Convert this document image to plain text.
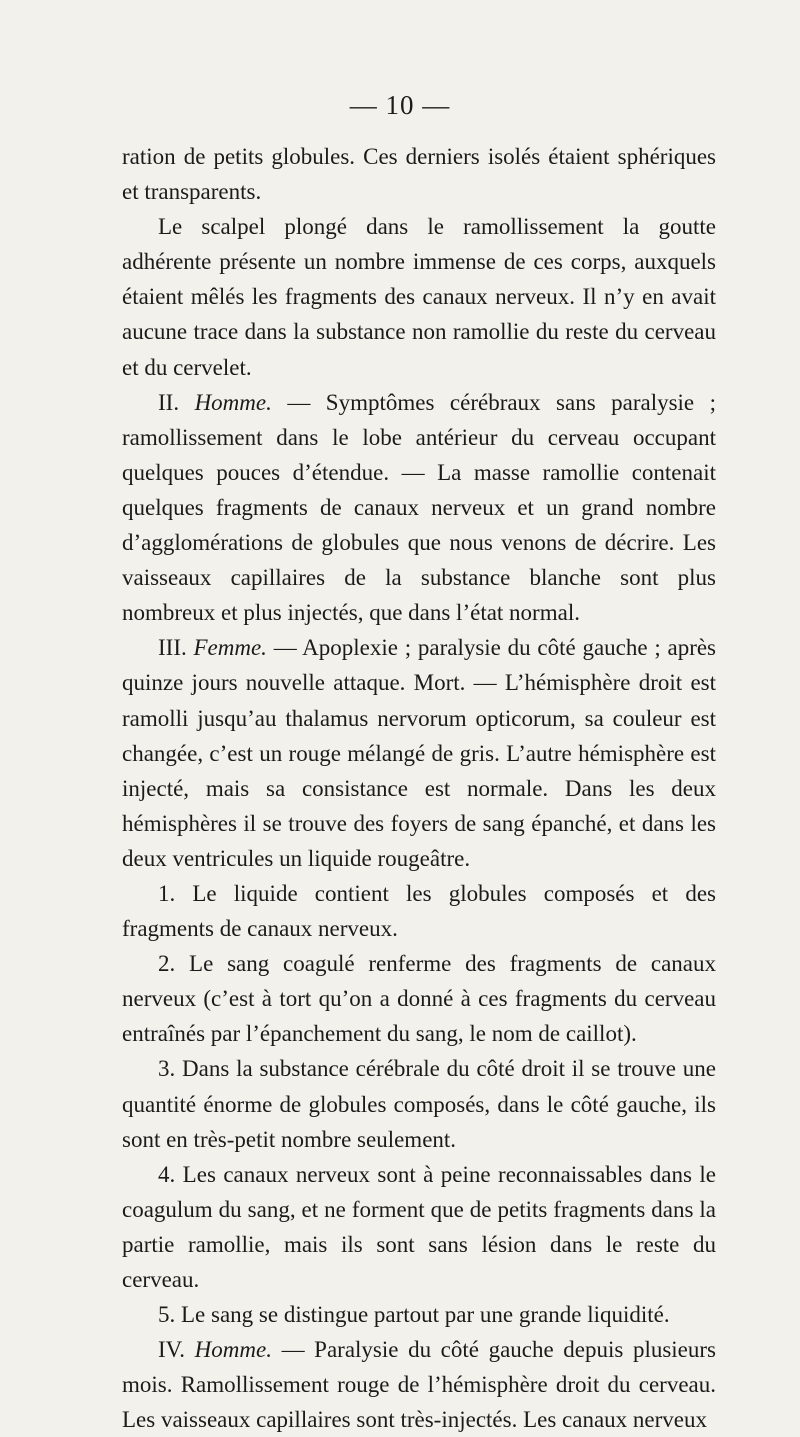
— 10 —

ration de petits globules. Ces derniers isolés étaient sphériques et transparents.

Le scalpel plongé dans le ramollissement la goutte adhérente présente un nombre immense de ces corps, auxquels étaient mêlés les fragments des canaux nerveux. Il n’y en avait aucune trace dans la substance non ramollie du reste du cerveau et du cervelet.

II. Homme. — Symptômes cérébraux sans paralysie ; ramollissement dans le lobe antérieur du cerveau occupant quelques pouces d’étendue. — La masse ramollie contenait quelques fragments de canaux nerveux et un grand nombre d’agglomérations de globules que nous venons de décrire. Les vaisseaux capillaires de la substance blanche sont plus nombreux et plus injectés, que dans l’état normal.

III. Femme. — Apoplexie ; paralysie du côté gauche ; après quinze jours nouvelle attaque. Mort. — L’hémisphère droit est ramolli jusqu’au thalamus nervorum opticorum, sa couleur est changée, c’est un rouge mélangé de gris. L’autre hémisphère est injecté, mais sa consistance est normale. Dans les deux hémisphères il se trouve des foyers de sang épanché, et dans les deux ventricules un liquide rougeâtre.

1. Le liquide contient les globules composés et des fragments de canaux nerveux.

2. Le sang coagulé renferme des fragments de canaux nerveux (c’est à tort qu’on a donné à ces fragments du cerveau entraînés par l’épanchement du sang, le nom de caillot).

3. Dans la substance cérébrale du côté droit il se trouve une quantité énorme de globules composés, dans le côté gauche, ils sont en très-petit nombre seulement.

4. Les canaux nerveux sont à peine reconnaissables dans le coagulum du sang, et ne forment que de petits fragments dans la partie ramollie, mais ils sont sans lésion dans le reste du cerveau.

5. Le sang se distingue partout par une grande liquidité.

IV. Homme. — Paralysie du côté gauche depuis plusieurs mois. Ramollissement rouge de l’hémisphère droit du cerveau. Les vaisseaux capillaires sont très-injectés. Les canaux nerveux
